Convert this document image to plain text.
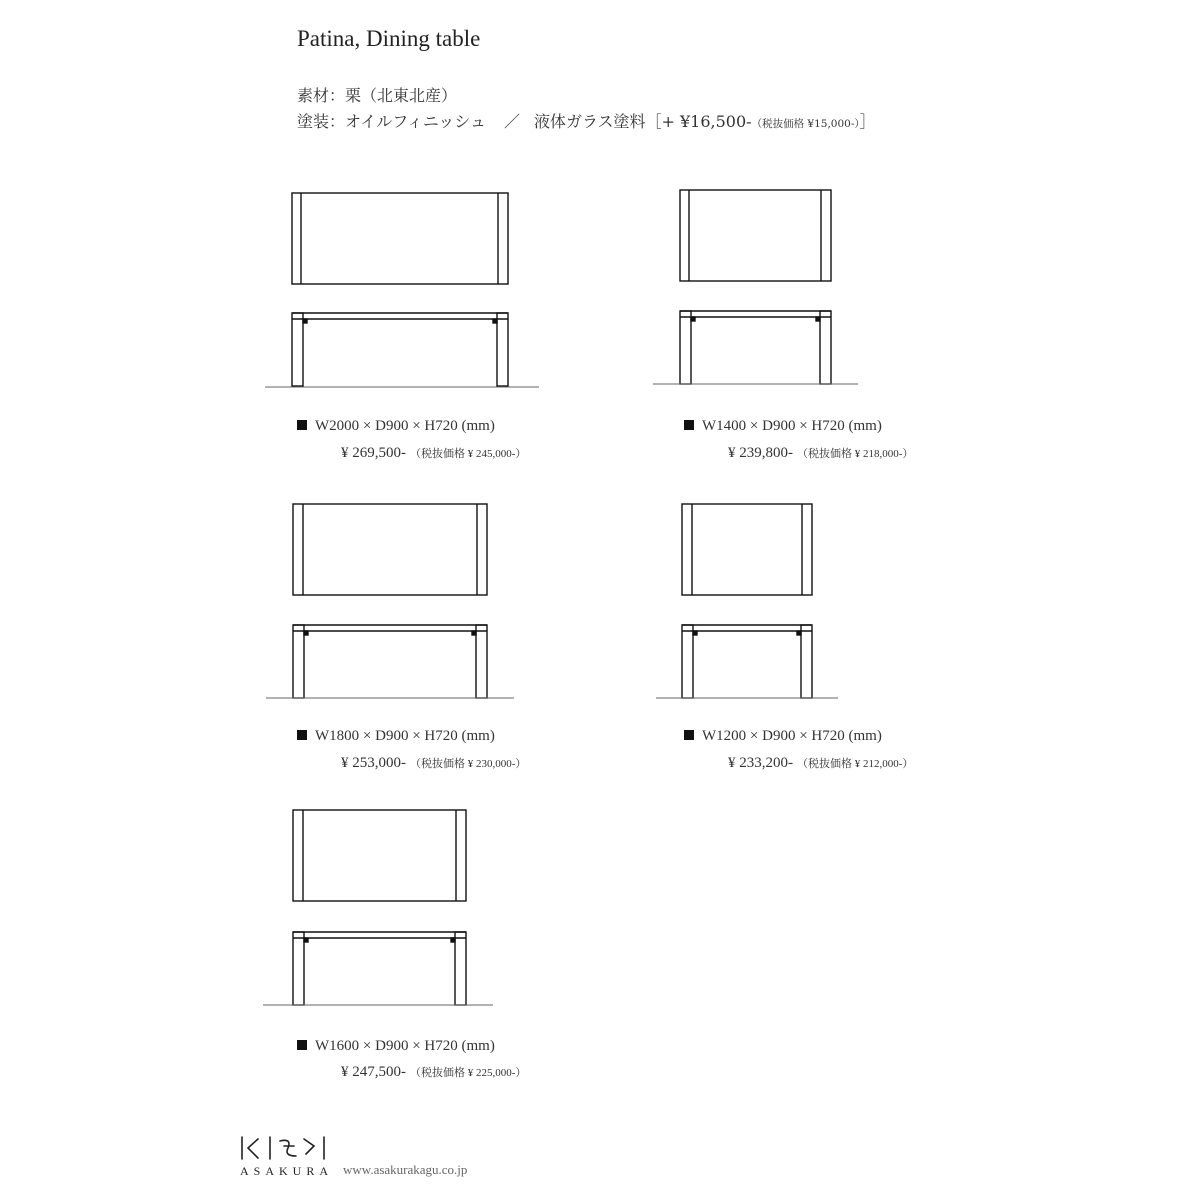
Patina, Dining table
素材：栗（北東北産）
塗装：オイルフィニッシュ ／ 液体ガラス塗料［+ ¥16,500-（税抜価格 ¥15,000-）］
W2000 × D900 × H720 (mm)
¥ 269,500- （税抜価格 ¥ 245,000-）
W1400 × D900 × H720 (mm)
¥ 239,800- （税抜価格 ¥ 218,000-）
W1800 × D900 × H720 (mm)
¥ 253,000- （税抜価格 ¥ 230,000-）
W1200 × D900 × H720 (mm)
¥ 233,200- （税抜価格 ¥ 212,000-）
W1600 × D900 × H720 (mm)
¥ 247,500- （税抜価格 ¥ 225,000-）
ASAKURA www.asakurakagu.co.jp
